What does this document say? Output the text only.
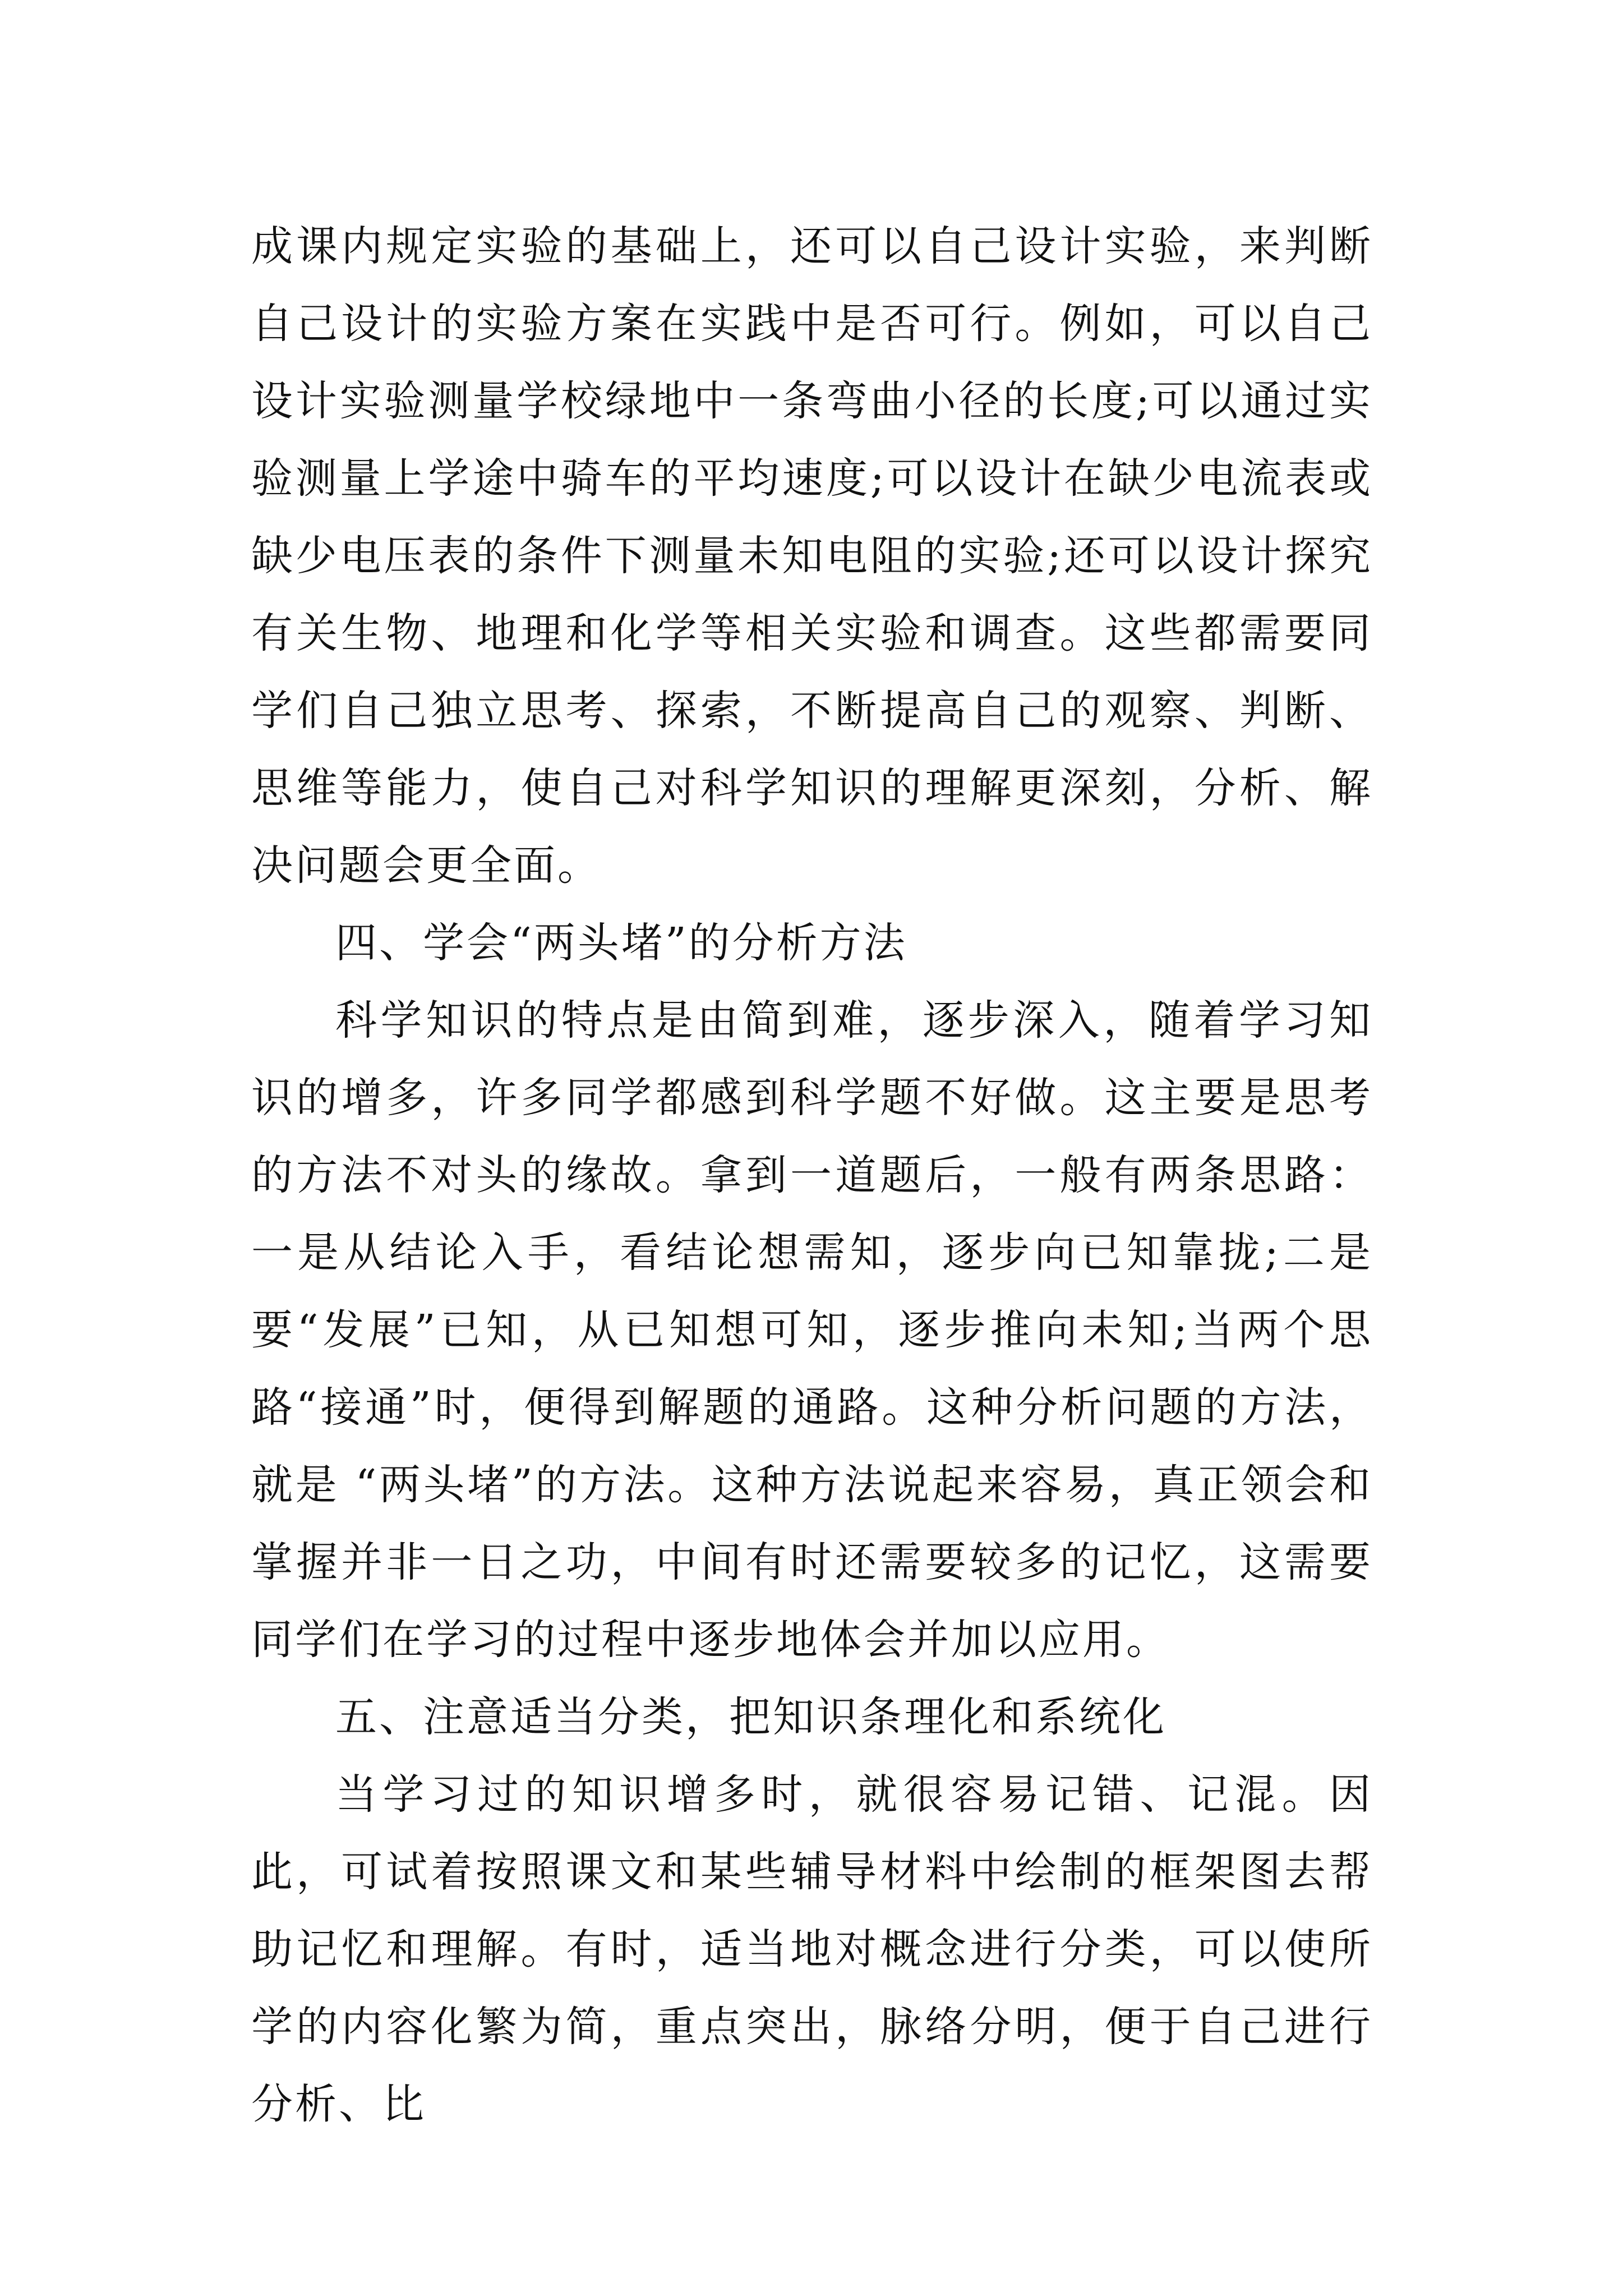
成课内规定实验的基础上，还可以自己设计实验，来判断自己设计的实验方案在实践中是否可行。例如，可以自己设计实验测量学校绿地中一条弯曲小径的长度;可以通过实验测量上学途中骑车的平均速度;可以设计在缺少电流表或缺少电压表的条件下测量未知电阻的实验;还可以设计探究有关生物、地理和化学等相关实验和调查。这些都需要同学们自己独立思考、探索，不断提高自己的观察、判断、思维等能力，使自己对科学知识的理解更深刻，分析、解决问题会更全面。

四、学会“两头堵”的分析方法

科学知识的特点是由简到难，逐步深入，随着学习知识的增多，许多同学都感到科学题不好做。这主要是思考的方法不对头的缘故。拿到一道题后，一般有两条思路：一是从结论入手，看结论想需知，逐步向已知靠拢;二是要“发展”已知，从已知想可知，逐步推向未知;当两个思路“接通”时，便得到解题的通路。这种分析问题的方法，就是 “两头堵”的方法。这种方法说起来容易，真正领会和掌握并非一日之功，中间有时还需要较多的记忆，这需要同学们在学习的过程中逐步地体会并加以应用。

五、注意适当分类，把知识条理化和系统化

当学习过的知识增多时，就很容易记错、记混。因此，可试着按照课文和某些辅导材料中绘制的框架图去帮助记忆和理解。有时，适当地对概念进行分类，可以使所学的内容化繁为简，重点突出，脉络分明，便于自己进行分析、比
